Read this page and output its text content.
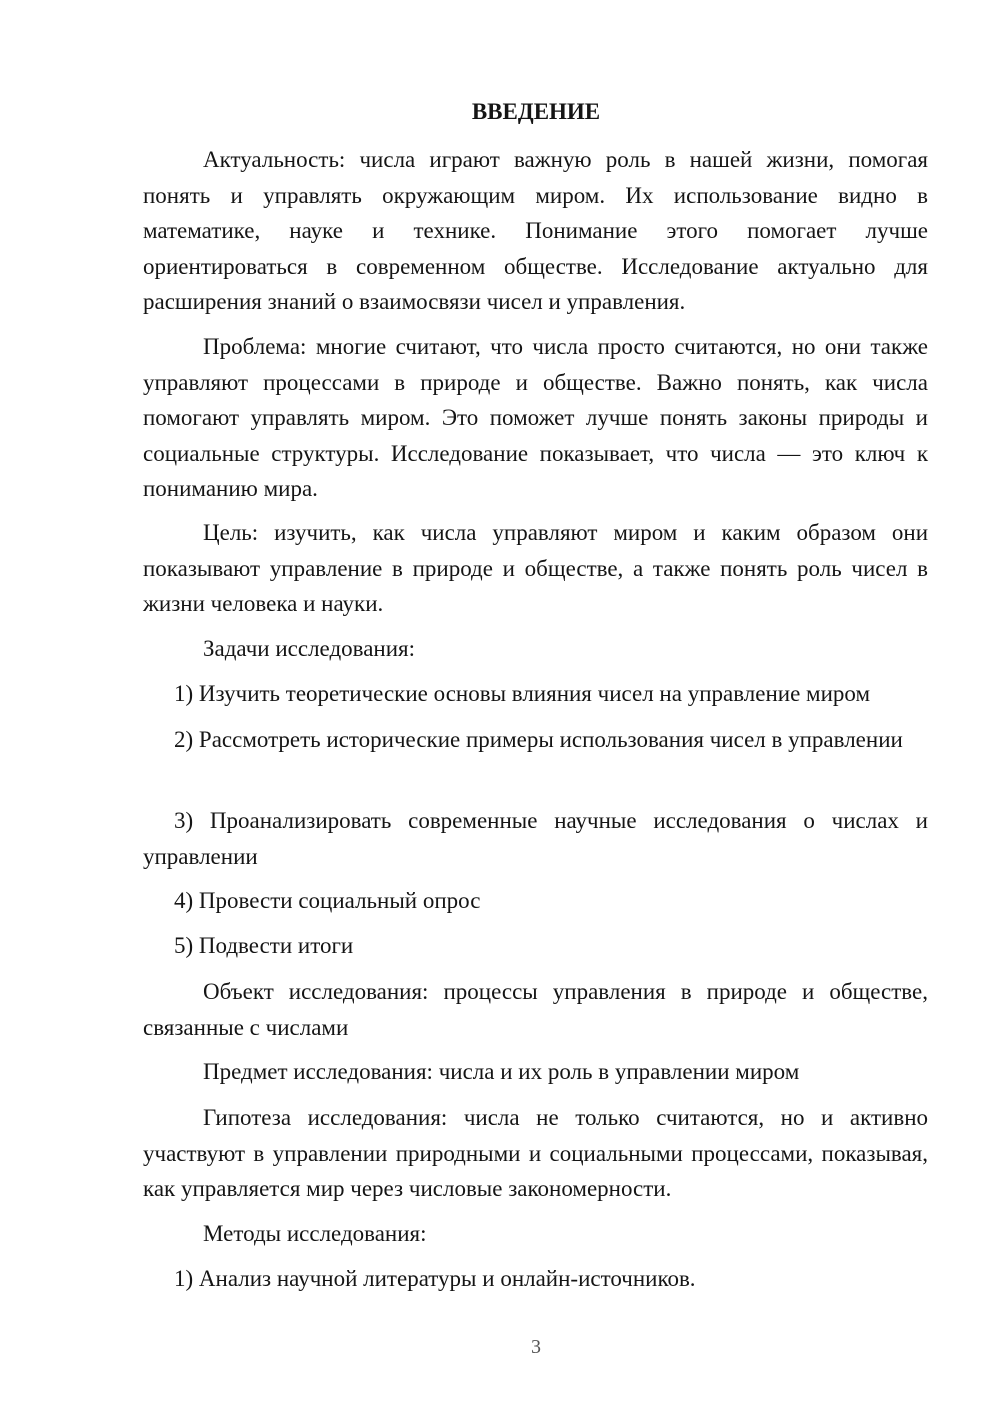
ВВЕДЕНИЕ

Актуальность: числа играют важную роль в нашей жизни, помогая понять и управлять окружающим миром. Их использование видно в математике, науке и технике. Понимание этого помогает лучше ориентироваться в современном обществе. Исследование актуально для расширения знаний о взаимосвязи чисел и управления.

Проблема: многие считают, что числа просто считаются, но они также управляют процессами в природе и обществе. Важно понять, как числа помогают управлять миром. Это поможет лучше понять законы природы и социальные структуры. Исследование показывает, что числа — это ключ к пониманию мира.

Цель: изучить, как числа управляют миром и каким образом они показывают управление в природе и обществе, а также понять роль чисел в жизни человека и науки.

Задачи исследования:

1) Изучить теоретические основы влияния чисел на управление миром

2) Рассмотреть исторические примеры использования чисел в управлении

3) Проанализировать современные научные исследования о числах и управлении

4) Провести социальный опрос

5) Подвести итоги

Объект исследования: процессы управления в природе и обществе, связанные с числами

Предмет исследования: числа и их роль в управлении миром

Гипотеза исследования: числа не только считаются, но и активно участвуют в управлении природными и социальными процессами, показывая, как управляется мир через числовые закономерности.

Методы исследования:

1) Анализ научной литературы и онлайн-источников.

3
